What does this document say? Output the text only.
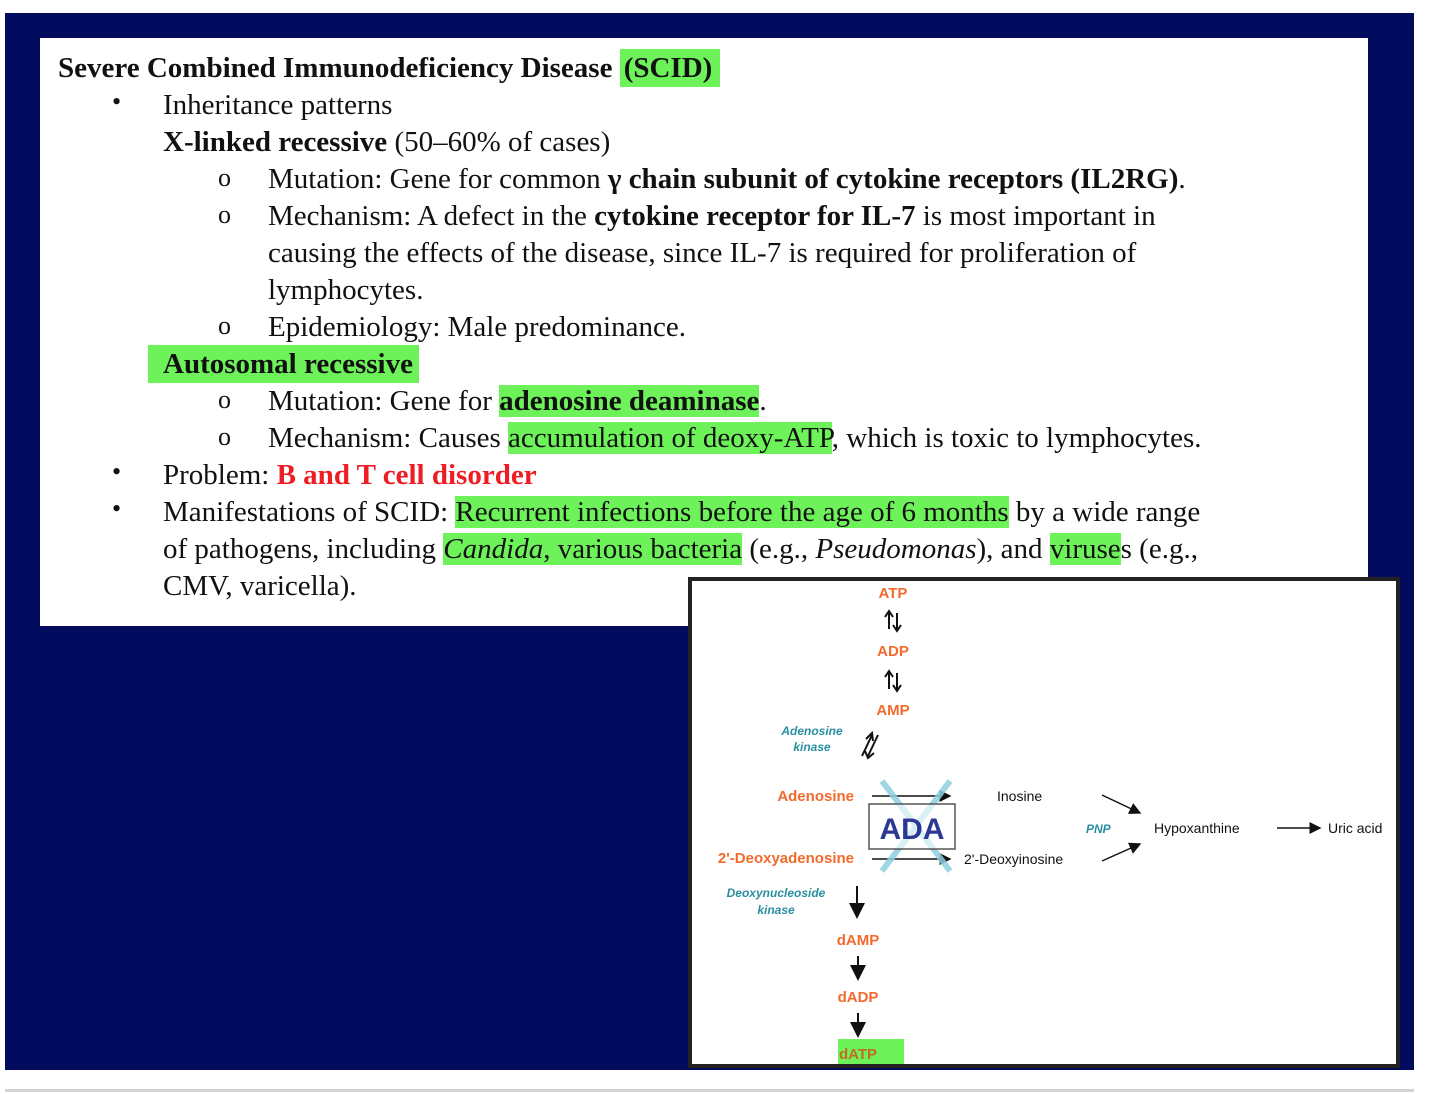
Severe Combined Immunodeficiency Disease (SCID)
• Inheritance patterns
X-linked recessive (50–60% of cases)
o Mutation: Gene for common γ chain subunit of cytokine receptors (IL2RG).
o Mechanism: A defect in the cytokine receptor for IL-7 is most important in
causing the effects of the disease, since IL-7 is required for proliferation of
lymphocytes.
o Epidemiology: Male predominance.
Autosomal recessive
o Mutation: Gene for adenosine deaminase.
o Mechanism: Causes accumulation of deoxy-ATP, which is toxic to lymphocytes.
• Problem: B and T cell disorder
• Manifestations of SCID: Recurrent infections before the age of 6 months by a wide range
of pathogens, including Candida, various bacteria (e.g., Pseudomonas), and viruses (e.g.,
CMV, varicella).	ATP
ADP
AMP
Adenosine
kinase
Adenosine
2'-Deoxyadenosine
ADA
Inosine
2'-Deoxyinosine
Hypoxanthine	Uric acid
PNP
Deoxynucleoside
kinase
dAMP
dADP
dATP
